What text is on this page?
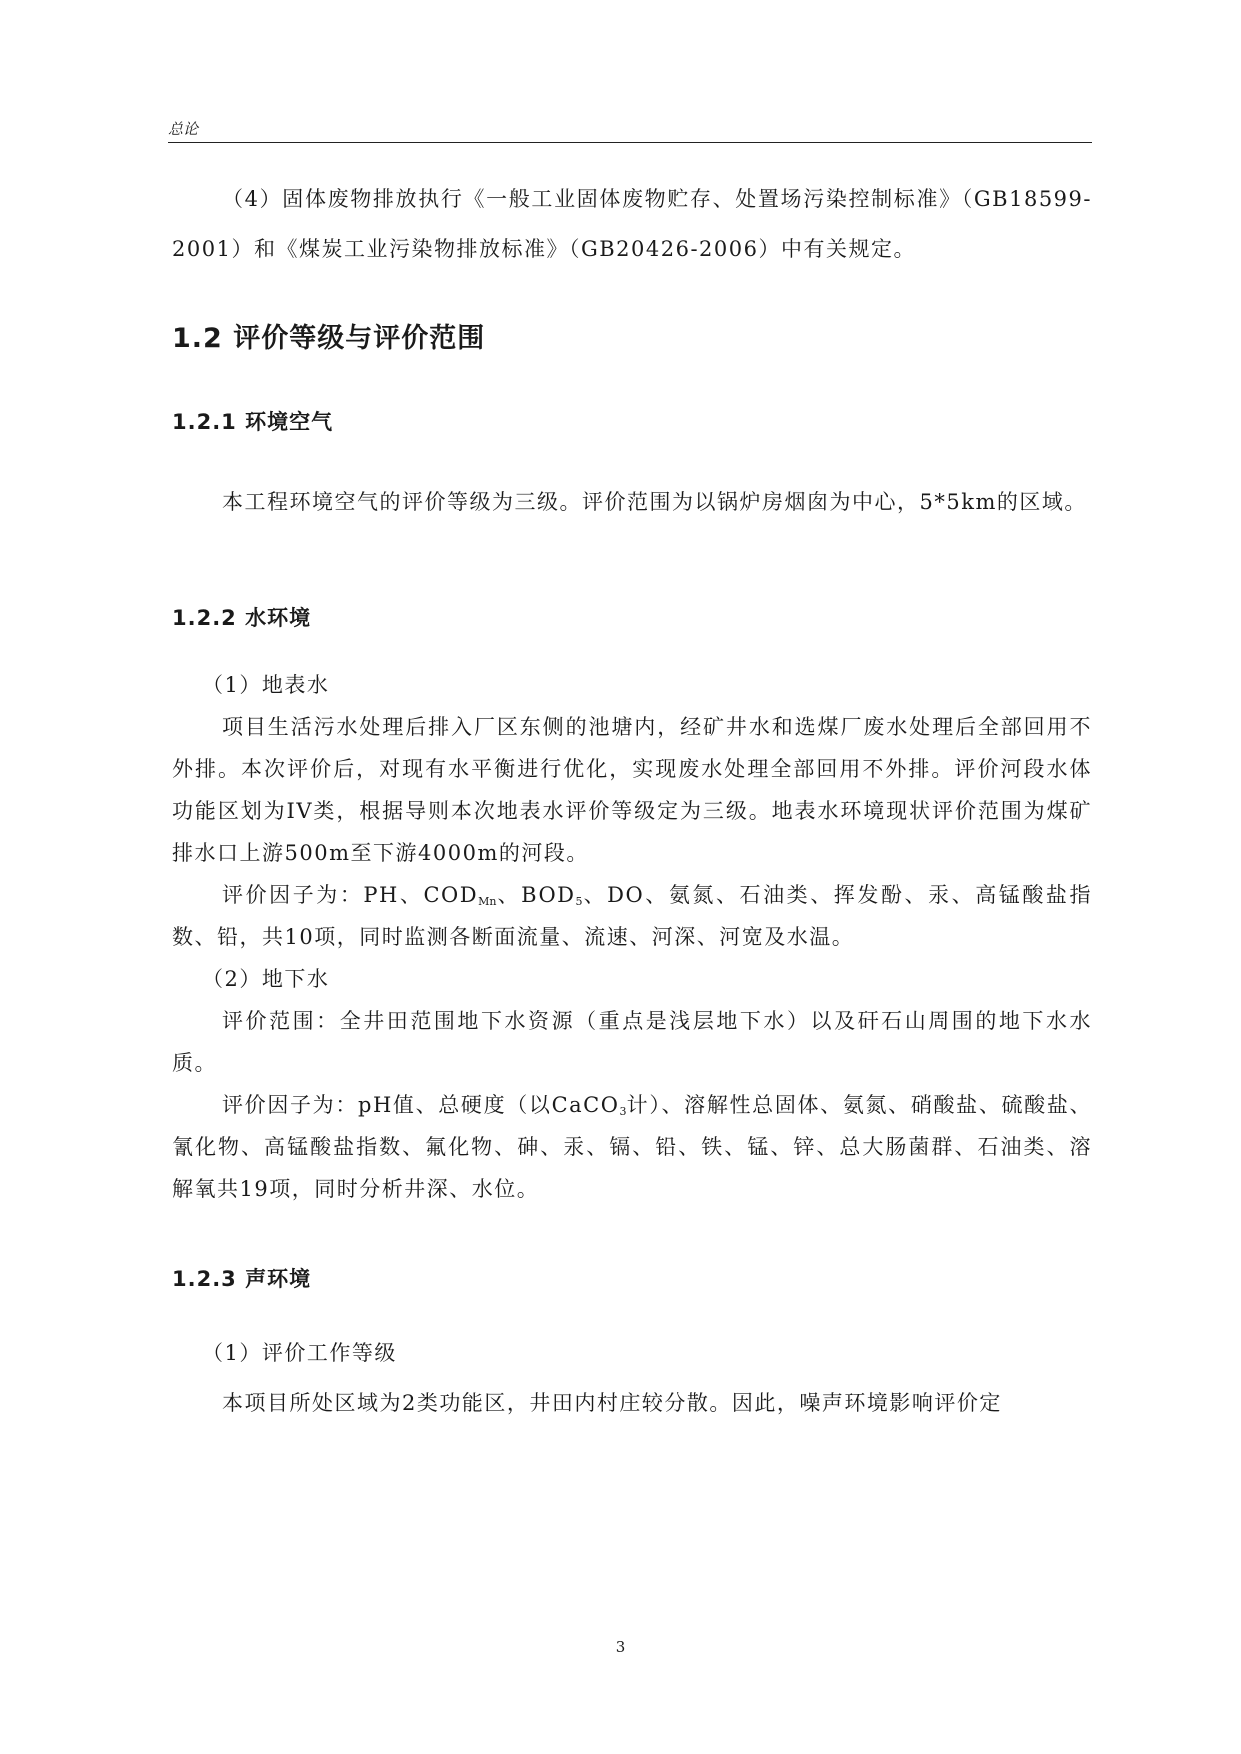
总论

（4）固体废物排放执行《一般工业固体废物贮存、处置场污染控制标准》（GB18599-2001）和《煤炭工业污染物排放标准》（GB20426-2006）中有关规定。

1.2 评价等级与评价范围
1.2.1 环境空气

本工程环境空气的评价等级为三级。评价范围为以锅炉房烟囱为中心，5*5km的区域。

1.2.2 水环境

（1）地表水

项目生活污水处理后排入厂区东侧的池塘内，经矿井水和选煤厂废水处理后全部回用不外排。本次评价后，对现有水平衡进行优化，实现废水处理全部回用不外排。评价河段水体功能区划为IV类，根据导则本次地表水评价等级定为三级。地表水环境现状评价范围为煤矿排水口上游500m至下游4000m的河段。

评价因子为：PH、$COD_{Mn}$、$BOD_5$、DO、氨氮、石油类、挥发酚、汞、高锰酸盐指数、铅，共10项，同时监测各断面流量、流速、河深、河宽及水温。

（2）地下水

评价范围：全井田范围地下水资源（重点是浅层地下水）以及矸石山周围的地下水水质。

评价因子为：pH值、总硬度（以CaCO$_3$计）、溶解性总固体、氨氮、硝酸盐、硫酸盐、氰化物、高锰酸盐指数、氟化物、砷、汞、镉、铅、铁、锰、锌、总大肠菌群、石油类、溶解氧共19项，同时分析井深、水位。

1.2.3 声环境

（1）评价工作等级

本项目所处区域为2类功能区，井田内村庄较分散。因此，噪声环境影响评价定

3
